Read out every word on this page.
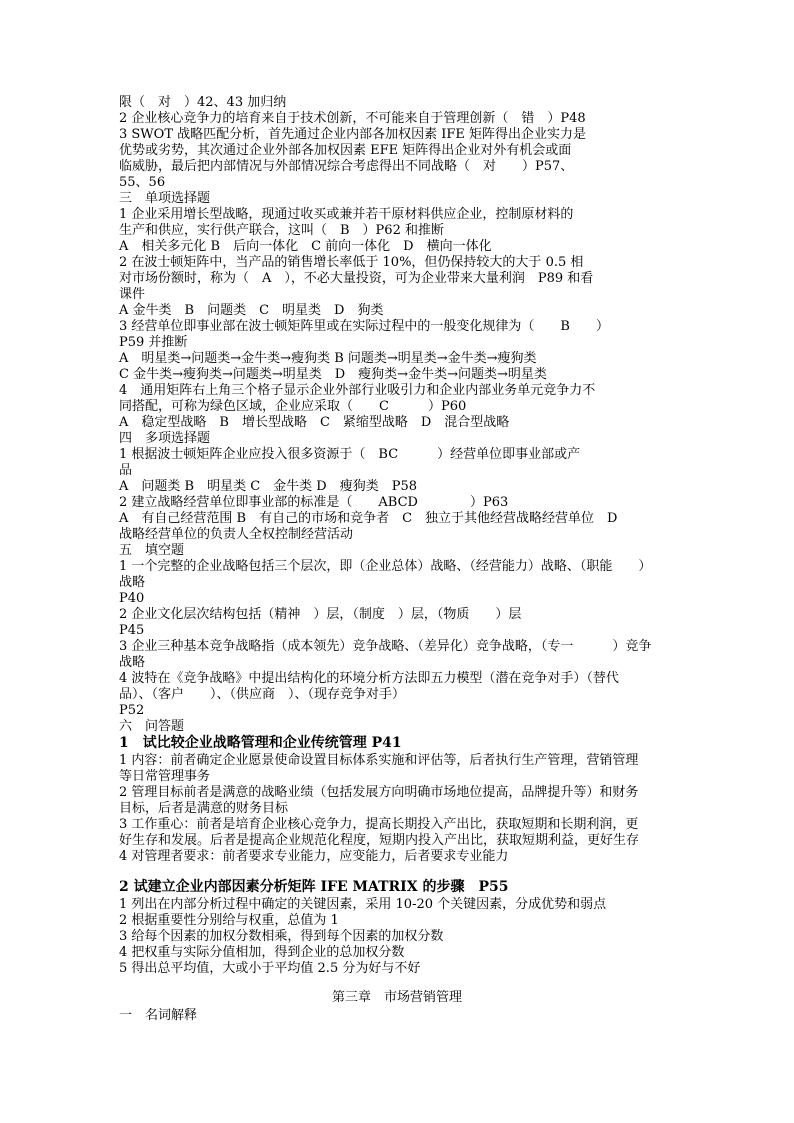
限（　对　）42、43 加归纳
2 企业核心竞争力的培育来自于技术创新，不可能来自于管理创新（　错　）P48
3 SWOT 战略匹配分析，首先通过企业内部各加权因素 IFE 矩阵得出企业实力是
优势或劣势，其次通过企业外部各加权因素 EFE 矩阵得出企业对外有机会或面
临威胁，最后把内部情况与外部情况综合考虑得出不同战略（　对　　）P57、
55、56
三　单项选择题
1 企业采用增长型战略，现通过收买或兼并若干原材料供应企业，控制原材料的
生产和供应，实行供产联合，这叫（　B　）P62 和推断
A　相关多元化 B　后向一体化　C 前向一体化　D　横向一体化
2 在波士顿矩阵中，当产品的销售增长率低于 10%，但仍保持较大的大于 0.5 相
对市场份额时，称为（　A　），不必大量投资，可为企业带来大量利润　P89 和看
课件
A 金牛类　B　问题类　C　明星类　D　狗类
3 经营单位即事业部在波士顿矩阵里或在实际过程中的一般变化规律为（　　B　　）
P59 并推断
A　明星类→问题类→金牛类→瘦狗类 B 问题类→明星类→金牛类→瘦狗类
C 金牛类→瘦狗类→问题类→明星类　D　瘦狗类→金牛类→问题类→明星类
4　通用矩阵右上角三个格子显示企业外部行业吸引力和企业内部业务单元竞争力不
同搭配，可称为绿色区域，企业应采取（　　C　　　）P60
A　稳定型战略　B　增长型战略　C　紧缩型战略　D　混合型战略
四　多项选择题
1 根据波士顿矩阵企业应投入很多资源于（　BC　　　）经营单位即事业部或产
品
A　问题类 B　明星类 C　金牛类 D　瘦狗类　P58
2 建立战略经营单位即事业部的标准是（　　ABCD　　　　）P63
A　有自己经营范围 B　有自己的市场和竞争者　C　独立于其他经营战略经营单位　D
战略经营单位的负责人全权控制经营活动
五　填空题
1 一个完整的企业战略包括三个层次，即（企业总体）战略、（经营能力）战略、（职能　　）
战略
P40
2 企业文化层次结构包括（精神　）层，（制度　）层，（物质　　）层
P45
3 企业三种基本竞争战略指（成本领先）竞争战略、（差异化）竞争战略，（专一　　　）竞争
战略
4 波特在《竞争战略》中提出结构化的环境分析方法即五力模型（潜在竞争对手）（替代
品）、（客户　　）、（供应商　）、（现存竞争对手）
P52
六　问答题
1　试比较企业战略管理和企业传统管理 P41
1 内容：前者确定企业愿景使命设置目标体系实施和评估等，后者执行生产管理，营销管理
等日常管理事务
2 管理目标前者是满意的战略业绩（包括发展方向明确市场地位提高，品牌提升等）和财务
目标，后者是满意的财务目标
3 工作重心：前者是培育企业核心竞争力，提高长期投入产出比，获取短期和长期利润，更
好生存和发展。后者是提高企业规范化程度，短期内投入产出比，获取短期利益，更好生存
4 对管理者要求：前者要求专业能力，应变能力，后者要求专业能力
2 试建立企业内部因素分析矩阵 IFE MATRIX 的步骤　P55
1 列出在内部分析过程中确定的关键因素，采用 10-20 个关键因素，分成优势和弱点
2 根据重要性分别给与权重，总值为 1
3 给每个因素的加权分数相乘，得到每个因素的加权分数
4 把权重与实际分值相加，得到企业的总加权分数
5 得出总平均值，大或小于平均值 2.5 分为好与不好
第三章　市场营销管理
一　名词解释
